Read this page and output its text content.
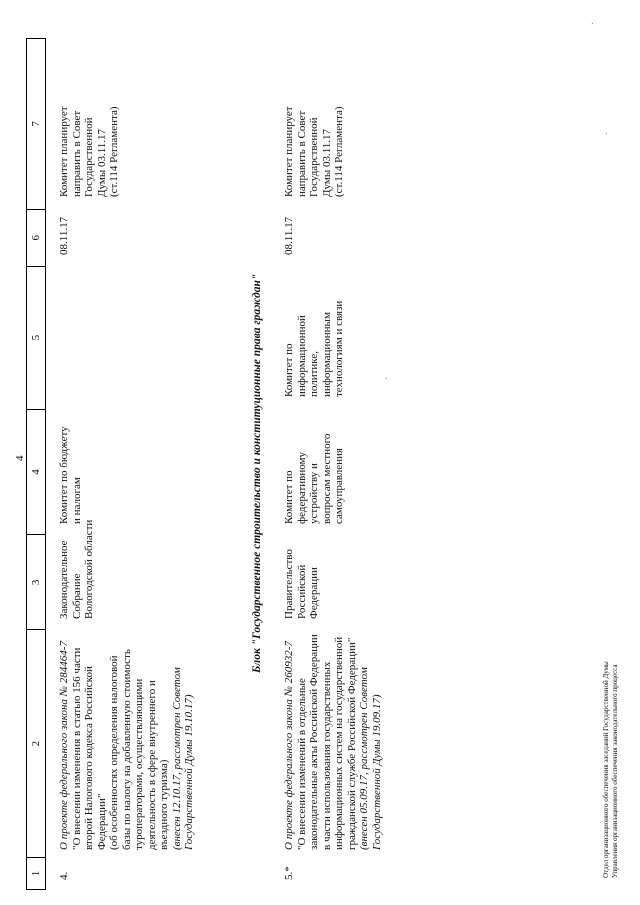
4
1
2
3
4
5
6
7
4.
О проекте федерального закона № 284464-7 "О внесении изменения в статью 156 части
второй Налогового кодекса Российской
Федерации"
(об особенностях определения налоговой
базы по налогу на добавленную стоимость
туроператорами, осуществляющими
деятельность в сфере внутреннего и
въездного туризма)
(внесен 12.10.17, рассмотрен Советом
Государственной Думы 19.10.17)
Законодательное
Собрание
Вологодской области
Комитет по бюджету
и налогам
08.11.17
Комитет планирует
направить в Совет
Государственной
Думы 03.11.17
(ст.114 Регламента)
Блок "Государственное строительство и конституционные права граждан"
5.*
О проекте федерального закона № 260932-7 "О внесении изменений в отдельные
законодательные акты Российской Федерации
в части использования государственных
информационных систем на государственной
гражданской службе Российской Федерации"
(внесен 05.09.17, рассмотрен Советом
Государственной Думы 19.09.17)
Правительство
Российской
Федерации
Комитет по
федеративному
устройству и
вопросам местного
самоуправления
Комитет по
информационной
политике,
информационным
технологиям и связи
08.11.17
Комитет планирует
направить в Совет
Государственной
Думы 03.11.17
(ст.114 Регламента)	·
·
·
Отдел организационного обеспечения заседаний Государственной Думы
Управления организационного обеспечения законодательного процесса
